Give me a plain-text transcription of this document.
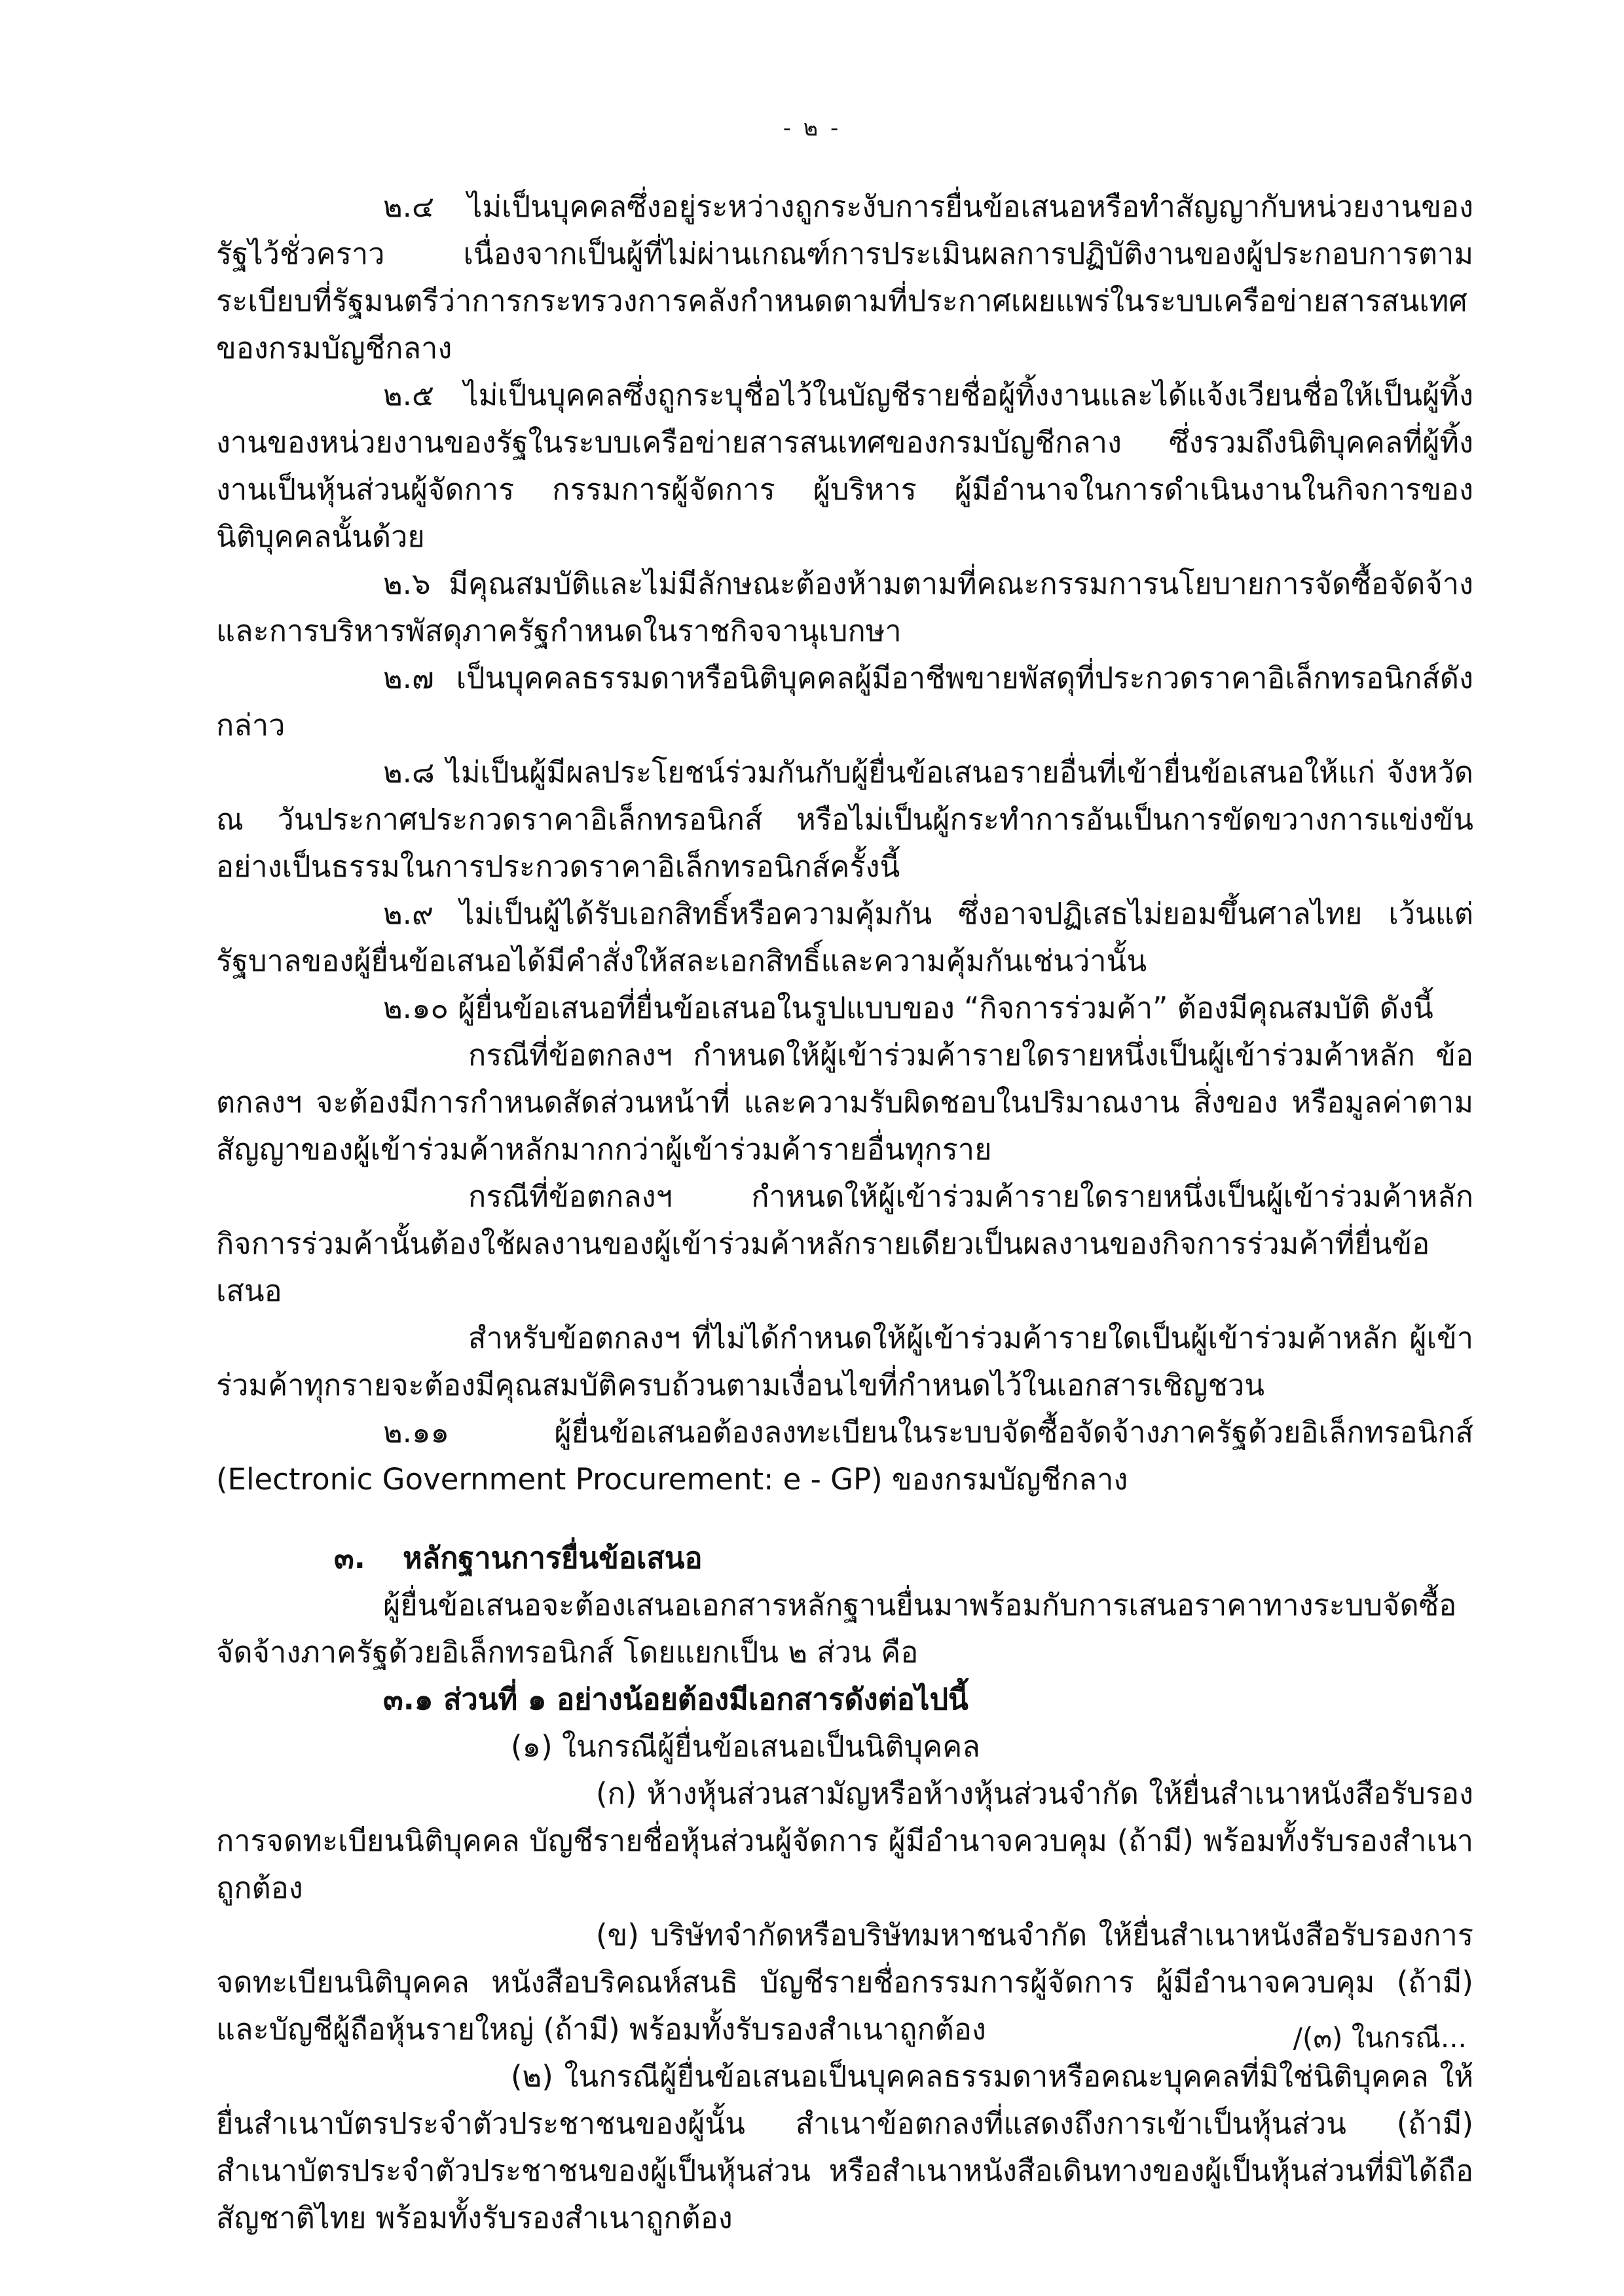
- ๒ -

๒.๔ ไม่เป็นบุคคลซึ่งอยู่ระหว่างถูกระงับการยื่นข้อเสนอหรือทำสัญญากับหน่วยงานของรัฐไว้ชั่วคราว เนื่องจากเป็นผู้ที่ไม่ผ่านเกณฑ์การประเมินผลการปฏิบัติงานของผู้ประกอบการตามระเบียบที่รัฐมนตรีว่าการกระทรวงการคลังกำหนดตามที่ประกาศเผยแพร่ในระบบเครือข่ายสารสนเทศของกรมบัญชีกลาง

๒.๕ ไม่เป็นบุคคลซึ่งถูกระบุชื่อไว้ในบัญชีรายชื่อผู้ทิ้งงานและได้แจ้งเวียนชื่อให้เป็นผู้ทิ้งงานของหน่วยงานของรัฐในระบบเครือข่ายสารสนเทศของกรมบัญชีกลาง ซึ่งรวมถึงนิติบุคคลที่ผู้ทิ้งงานเป็นหุ้นส่วนผู้จัดการ กรรมการผู้จัดการ ผู้บริหาร ผู้มีอำนาจในการดำเนินงานในกิจการของนิติบุคคลนั้นด้วย

๒.๖ มีคุณสมบัติและไม่มีลักษณะต้องห้ามตามที่คณะกรรมการนโยบายการจัดซื้อจัดจ้างและการบริหารพัสดุภาครัฐกำหนดในราชกิจจานุเบกษา

๒.๗ เป็นบุคคลธรรมดาหรือนิติบุคคลผู้มีอาชีพขายพัสดุที่ประกวดราคาอิเล็กทรอนิกส์ดังกล่าว

๒.๘ ไม่เป็นผู้มีผลประโยชน์ร่วมกันกับผู้ยื่นข้อเสนอรายอื่นที่เข้ายื่นข้อเสนอให้แก่ จังหวัด ณ วันประกาศประกวดราคาอิเล็กทรอนิกส์ หรือไม่เป็นผู้กระทำการอันเป็นการขัดขวางการแข่งขันอย่างเป็นธรรมในการประกวดราคาอิเล็กทรอนิกส์ครั้งนี้

๒.๙ ไม่เป็นผู้ได้รับเอกสิทธิ์หรือความคุ้มกัน ซึ่งอาจปฏิเสธไม่ยอมขึ้นศาลไทย เว้นแต่รัฐบาลของผู้ยื่นข้อเสนอได้มีคำสั่งให้สละเอกสิทธิ์และความคุ้มกันเช่นว่านั้น

๒.๑๐ ผู้ยื่นข้อเสนอที่ยื่นข้อเสนอในรูปแบบของ “กิจการร่วมค้า” ต้องมีคุณสมบัติ ดังนี้

กรณีที่ข้อตกลงฯ กำหนดให้ผู้เข้าร่วมค้ารายใดรายหนึ่งเป็นผู้เข้าร่วมค้าหลัก ข้อตกลงฯ จะต้องมีการกำหนดสัดส่วนหน้าที่ และความรับผิดชอบในปริมาณงาน สิ่งของ หรือมูลค่าตามสัญญาของผู้เข้าร่วมค้าหลักมากกว่าผู้เข้าร่วมค้ารายอื่นทุกราย

กรณีที่ข้อตกลงฯ กำหนดให้ผู้เข้าร่วมค้ารายใดรายหนึ่งเป็นผู้เข้าร่วมค้าหลักกิจการร่วมค้านั้นต้องใช้ผลงานของผู้เข้าร่วมค้าหลักรายเดียวเป็นผลงานของกิจการร่วมค้าที่ยื่นข้อเสนอ

สำหรับข้อตกลงฯ ที่ไม่ได้กำหนดให้ผู้เข้าร่วมค้ารายใดเป็นผู้เข้าร่วมค้าหลัก ผู้เข้าร่วมค้าทุกรายจะต้องมีคุณสมบัติครบถ้วนตามเงื่อนไขที่กำหนดไว้ในเอกสารเชิญชวน

๒.๑๑ ผู้ยื่นข้อเสนอต้องลงทะเบียนในระบบจัดซื้อจัดจ้างภาครัฐด้วยอิเล็กทรอนิกส์ (Electronic Government Procurement: e - GP) ของกรมบัญชีกลาง

๓. หลักฐานการยื่นข้อเสนอ

ผู้ยื่นข้อเสนอจะต้องเสนอเอกสารหลักฐานยื่นมาพร้อมกับการเสนอราคาทางระบบจัดซื้อจัดจ้างภาครัฐด้วยอิเล็กทรอนิกส์ โดยแยกเป็น ๒ ส่วน คือ

๓.๑ ส่วนที่ ๑ อย่างน้อยต้องมีเอกสารดังต่อไปนี้

(๑) ในกรณีผู้ยื่นข้อเสนอเป็นนิติบุคคล

(ก) ห้างหุ้นส่วนสามัญหรือห้างหุ้นส่วนจำกัด ให้ยื่นสำเนาหนังสือรับรองการจดทะเบียนนิติบุคคล บัญชีรายชื่อหุ้นส่วนผู้จัดการ ผู้มีอำนาจควบคุม (ถ้ามี) พร้อมทั้งรับรองสำเนาถูกต้อง

(ข) บริษัทจำกัดหรือบริษัทมหาชนจำกัด ให้ยื่นสำเนาหนังสือรับรองการจดทะเบียนนิติบุคคล หนังสือบริคณห์สนธิ บัญชีรายชื่อกรรมการผู้จัดการ ผู้มีอำนาจควบคุม (ถ้ามี) และบัญชีผู้ถือหุ้นรายใหญ่ (ถ้ามี) พร้อมทั้งรับรองสำเนาถูกต้อง

(๒) ในกรณีผู้ยื่นข้อเสนอเป็นบุคคลธรรมดาหรือคณะบุคคลที่มิใช่นิติบุคคล ให้ยื่นสำเนาบัตรประจำตัวประชาชนของผู้นั้น สำเนาข้อตกลงที่แสดงถึงการเข้าเป็นหุ้นส่วน (ถ้ามี) สำเนาบัตรประจำตัวประชาชนของผู้เป็นหุ้นส่วน หรือสำเนาหนังสือเดินทางของผู้เป็นหุ้นส่วนที่มิได้ถือสัญชาติไทย พร้อมทั้งรับรองสำเนาถูกต้อง

/(๓) ในกรณี...
